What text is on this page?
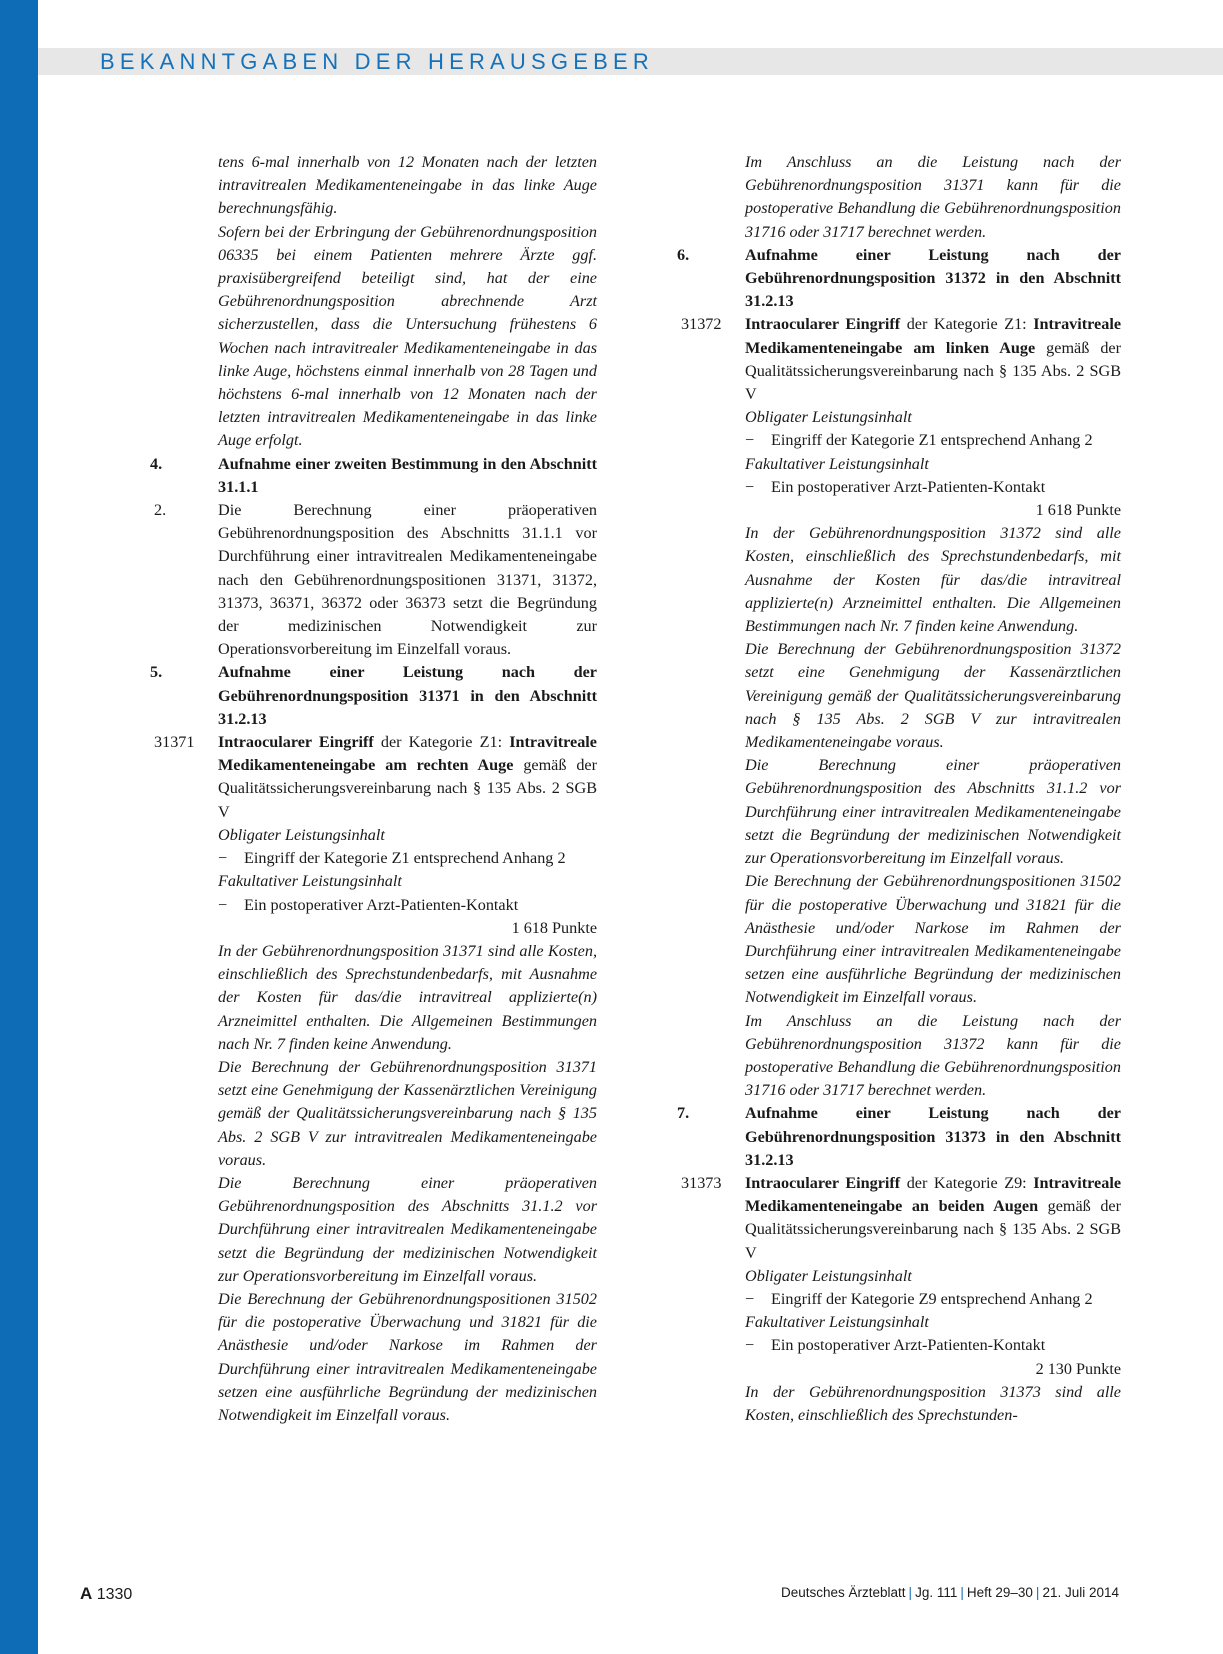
BEKANNTGABEN DER HERAUSGEBER

tens 6-mal innerhalb von 12 Monaten nach der letzten intravitrealen Medikamenteneingabe in das linke Auge berechnungsfähig.

Sofern bei der Erbringung der Gebührenordnungsposition 06335 bei einem Patienten mehrere Ärzte ggf. praxisübergreifend beteiligt sind, hat der eine Gebührenordnungsposition abrechnende Arzt sicherzustellen, dass die Untersuchung frühestens 6 Wochen nach intravitrealer Medikamenteneingabe in das linke Auge, höchstens einmal innerhalb von 28 Tagen und höchstens 6-mal innerhalb von 12 Monaten nach der letzten intravitrealen Medikamenteneingabe in das linke Auge erfolgt.

4.	Aufnahme einer zweiten Bestimmung in den Abschnitt 31.1.1
2.	Die Berechnung einer präoperativen Gebührenordnungsposition des Abschnitts 31.1.1 vor Durchführung einer intravitrealen Medikamenteneingabe nach den Gebührenordnungspositionen 31371, 31372, 31373, 36371, 36372 oder 36373 setzt die Begründung der medizinischen Notwendigkeit zur Operationsvorbereitung im Einzelfall voraus.
5.	Aufnahme einer Leistung nach der Gebührenordnungsposition 31371 in den Abschnitt 31.2.13
31371 Intraocularer Eingriff der Kategorie Z1: Intravitreale Medikamenteneingabe am rechten Auge gemäß der Qualitätssicherungsvereinbarung nach § 135 Abs. 2 SGB V

Obligater Leistungsinhalt

− Eingriff der Kategorie Z1 entsprechend Anhang 2

Fakultativer Leistungsinhalt

− Ein postoperativer Arzt-Patienten-Kontakt

1 618 Punkte

In der Gebührenordnungsposition 31371 sind alle Kosten, einschließlich des Sprechstundenbedarfs, mit Ausnahme der Kosten für das/die intravitreal applizierte(n) Arzneimittel enthalten. Die Allgemeinen Bestimmungen nach Nr. 7 finden keine Anwendung.

Die Berechnung der Gebührenordnungsposition 31371 setzt eine Genehmigung der Kassenärztlichen Vereinigung gemäß der Qualitätssicherungsvereinbarung nach § 135 Abs. 2 SGB V zur intravitrealen Medikamenteneingabe voraus.

Die Berechnung einer präoperativen Gebührenordnungsposition des Abschnitts 31.1.2 vor Durchführung einer intravitrealen Medikamenteneingabe setzt die Begründung der medizinischen Notwendigkeit zur Operationsvorbereitung im Einzelfall voraus.

Die Berechnung der Gebührenordnungspositionen 31502 für die postoperative Überwachung und 31821 für die Anästhesie und/oder Narkose im Rahmen der Durchführung einer intravitrealen Medikamenteneingabe setzen eine ausführliche Begründung der medizinischen Notwendigkeit im Einzelfall voraus.

Im Anschluss an die Leistung nach der Gebührenordnungsposition 31371 kann für die postoperative Behandlung die Gebührenordnungsposition 31716 oder 31717 berechnet werden.

6.	Aufnahme einer Leistung nach der Gebührenordnungsposition 31372 in den Abschnitt 31.2.13
31372 Intraocularer Eingriff der Kategorie Z1: Intravitreale Medikamenteneingabe am linken Auge gemäß der Qualitätssicherungsvereinbarung nach § 135 Abs. 2 SGB V

Obligater Leistungsinhalt

− Eingriff der Kategorie Z1 entsprechend Anhang 2

Fakultativer Leistungsinhalt

− Ein postoperativer Arzt-Patienten-Kontakt

1 618 Punkte

In der Gebührenordnungsposition 31372 sind alle Kosten, einschließlich des Sprechstundenbedarfs, mit Ausnahme der Kosten für das/die intravitreal applizierte(n) Arzneimittel enthalten. Die Allgemeinen Bestimmungen nach Nr. 7 finden keine Anwendung.

Die Berechnung der Gebührenordnungsposition 31372 setzt eine Genehmigung der Kassenärztlichen Vereinigung gemäß der Qualitätssicherungsvereinbarung nach § 135 Abs. 2 SGB V zur intravitrealen Medikamenteneingabe voraus.

Die Berechnung einer präoperativen Gebührenordnungsposition des Abschnitts 31.1.2 vor Durchführung einer intravitrealen Medikamenteneingabe setzt die Begründung der medizinischen Notwendigkeit zur Operationsvorbereitung im Einzelfall voraus.

Die Berechnung der Gebührenordnungspositionen 31502 für die postoperative Überwachung und 31821 für die Anästhesie und/oder Narkose im Rahmen der Durchführung einer intravitrealen Medikamenteneingabe setzen eine ausführliche Begründung der medizinischen Notwendigkeit im Einzelfall voraus.

Im Anschluss an die Leistung nach der Gebührenordnungsposition 31372 kann für die postoperative Behandlung die Gebührenordnungsposition 31716 oder 31717 berechnet werden.

7.	Aufnahme einer Leistung nach der Gebührenordnungsposition 31373 in den Abschnitt 31.2.13
31373 Intraocularer Eingriff der Kategorie Z9: Intravitreale Medikamenteneingabe an beiden Augen gemäß der Qualitätssicherungsvereinbarung nach § 135 Abs. 2 SGB V

Obligater Leistungsinhalt

− Eingriff der Kategorie Z9 entsprechend Anhang 2

Fakultativer Leistungsinhalt

− Ein postoperativer Arzt-Patienten-Kontakt

2 130 Punkte

In der Gebührenordnungsposition 31373 sind alle Kosten, einschließlich des Sprechstunden-

A 1330	Deutsches Ärzteblatt | Jg. 111 | Heft 29–30 | 21. Juli 2014
